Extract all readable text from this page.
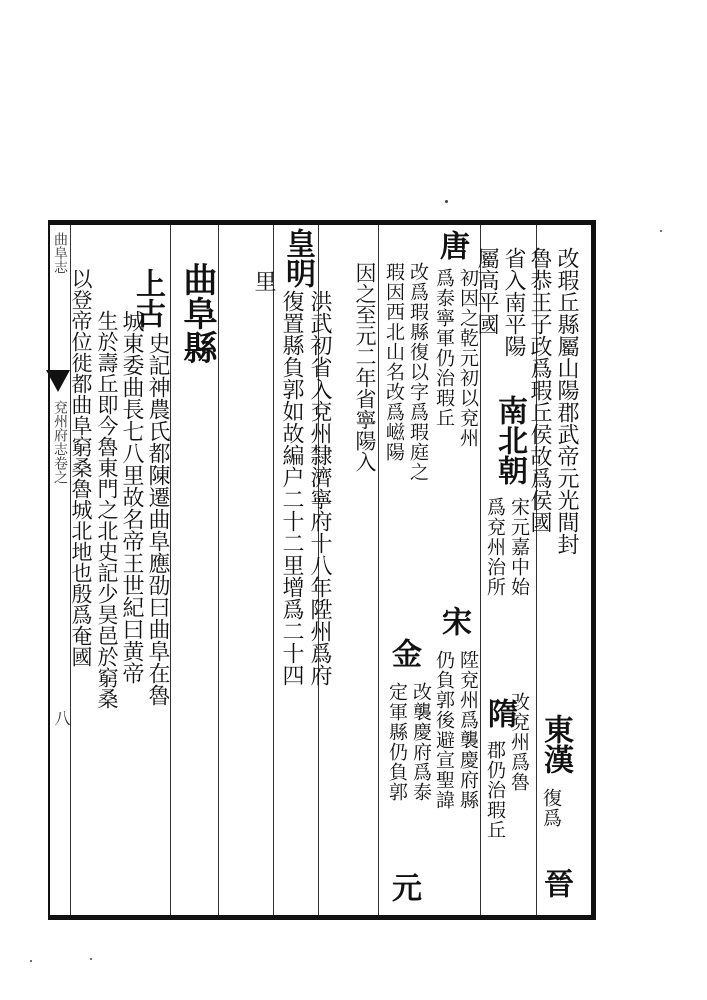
曲阜志
兗州府志卷之
八
改瑕丘縣屬山陽郡武帝元光間封
魯恭王子政爲瑕丘侯故爲侯國
東漢
復爲
省入南平陽
南北朝
宋元嘉中始
改兗州爲魯
晉
屬高平國
爲兗州治所
隋
郡仍治瑕丘
唐
初因之乾元初以兗州
爲泰寧軍仍治瑕丘
宋
陞兗州爲襲慶府縣
仍負郭後避宣聖諱
改爲瑕縣復以字爲瑕庭之
金
改襲慶府爲泰
定軍縣仍負郭
元
瑕因西北山名改爲嵫陽
因之至元二年省寧陽入
皇明
洪武初省入兗州隸濟寧府十八年陞州爲府
復置縣負郭如故編户二十二里增爲二十四
里
曲阜縣
上古
史記神農氏都陳遷曲阜應劭曰曲阜在魯
城東委曲長七八里故名帝王世紀曰黄帝
生於壽丘即今魯東門之北史記少昊邑於窮桑
以登帝位徙都曲阜窮桑魯城北地也殷爲奄國
